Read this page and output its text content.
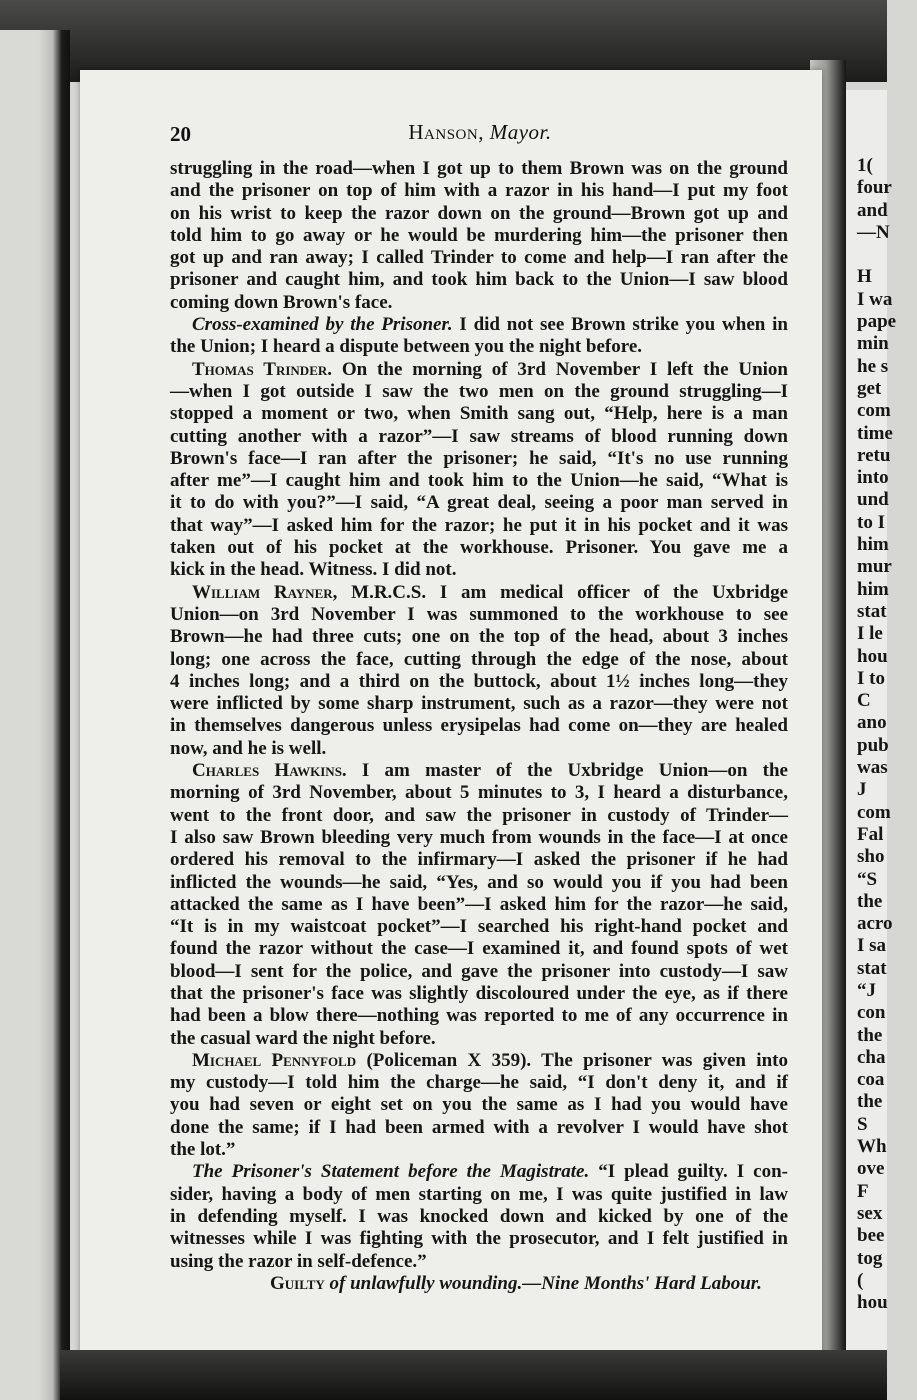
20	Hanson, Mayor.
struggling in the road—when I got up to them Brown was on the ground
and the prisoner on top of him with a razor in his hand—I put my foot
on his wrist to keep the razor down on the ground—Brown got up and
told him to go away or he would be murdering him—the prisoner then
got up and ran away; I called Trinder to come and help—I ran after the
prisoner and caught him, and took him back to the Union—I saw blood
coming down Brown's face.
Cross-examined by the Prisoner. I did not see Brown strike you when in
the Union; I heard a dispute between you the night before.
Thomas Trinder. On the morning of 3rd November I left the Union
—when I got outside I saw the two men on the ground struggling—I
stopped a moment or two, when Smith sang out, “Help, here is a man
cutting another with a razor”—I saw streams of blood running down
Brown's face—I ran after the prisoner; he said, “It's no use running
after me”—I caught him and took him to the Union—he said, “What is
it to do with you?”—I said, “A great deal, seeing a poor man served in
that way”—I asked him for the razor; he put it in his pocket and it was
taken out of his pocket at the workhouse. Prisoner. You gave me a
kick in the head. Witness. I did not.
William Rayner, M.R.C.S. I am medical officer of the Uxbridge
Union—on 3rd November I was summoned to the workhouse to see
Brown—he had three cuts; one on the top of the head, about 3 inches
long; one across the face, cutting through the edge of the nose, about
4 inches long; and a third on the buttock, about 1½ inches long—they
were inflicted by some sharp instrument, such as a razor—they were not
in themselves dangerous unless erysipelas had come on—they are healed
now, and he is well.
Charles Hawkins. I am master of the Uxbridge Union—on the
morning of 3rd November, about 5 minutes to 3, I heard a disturbance,
went to the front door, and saw the prisoner in custody of Trinder—
I also saw Brown bleeding very much from wounds in the face—I at once
ordered his removal to the infirmary—I asked the prisoner if he had
inflicted the wounds—he said, “Yes, and so would you if you had been
attacked the same as I have been”—I asked him for the razor—he said,
“It is in my waistcoat pocket”—I searched his right-hand pocket and
found the razor without the case—I examined it, and found spots of wet
blood—I sent for the police, and gave the prisoner into custody—I saw
that the prisoner's face was slightly discoloured under the eye, as if there
had been a blow there—nothing was reported to me of any occurrence in
the casual ward the night before.
Michael Pennyfold (Policeman X 359). The prisoner was given into
my custody—I told him the charge—he said, “I don't deny it, and if
you had seven or eight set on you the same as I had you would have
done the same; if I had been armed with a revolver I would have shot
the lot.”
The Prisoner's Statement before the Magistrate. “I plead guilty. I con-
sider, having a body of men starting on me, I was quite justified in law
in defending myself. I was knocked down and kicked by one of the
witnesses while I was fighting with the prosecutor, and I felt justified in
using the razor in self-defence.”
Guilty of unlawfully wounding.—Nine Months' Hard Labour.
1(
four
and
—N
H
I wa
pape
min
he s
get
com
time
retu
into
und
to I
him
mur
him
stat
I le
hou
I to
C
ano
pub
was
J
com
Fal
sho
“S
the
acro
I sa
stat
“J
con
the
cha
coa
the
S
Wh
ove
F
sex
bee
tog
(
hou
